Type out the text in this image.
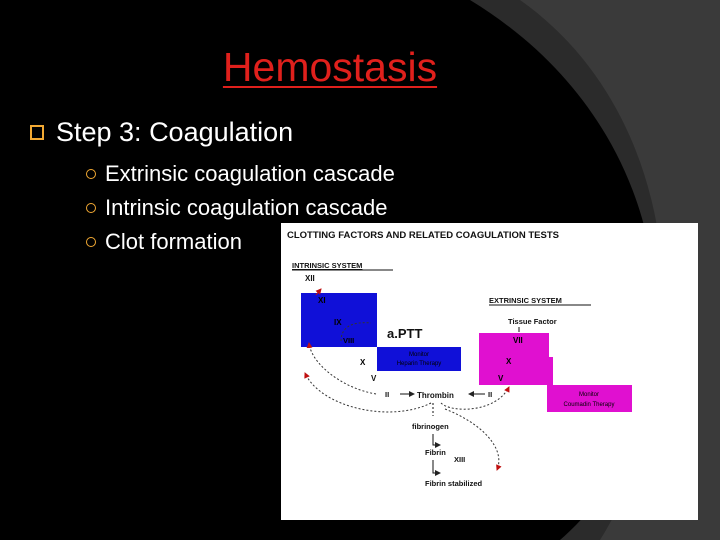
Hemostasis
Step 3: Coagulation
Extrinsic coagulation cascade
Intrinsic coagulation cascade
Clot formation	CLOTTING FACTORS AND RELATED COAGULATION TESTS
INTRINSIC SYSTEM
XII
XI
IX
VIII
X
a.PTT
Monitor
Heparin Therapy
V
EXTRINSIC SYSTEM
Tissue Factor
VII
X
V	PT
Monitor
Coumadin Therapy
II	Thrombin	II
fibrinogen
Fibrin
XIII
Fibrin stabilized
